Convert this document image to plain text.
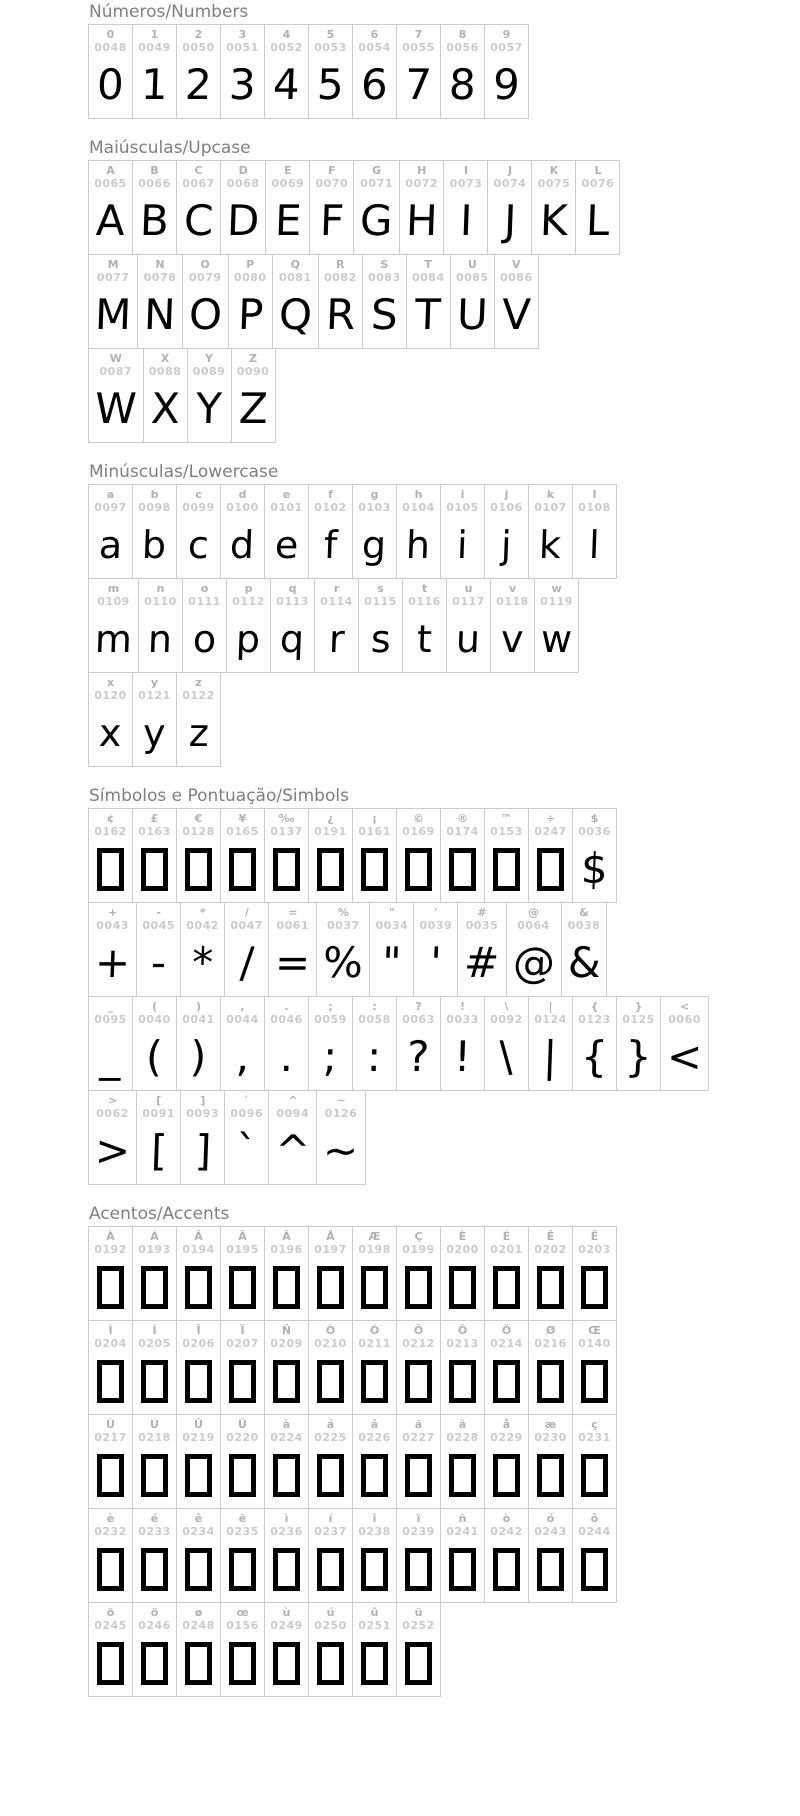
Números/Numbers
0
0048
0
1
0049
1
2
0050
2
3
0051
3
4
0052
4
5
0053
5
6
0054
6
7
0055
7
8
0056
8
9
0057
9
Maiúsculas/Upcase
A
0065
A
B
0066
B
C
0067
C
D
0068
D
E
0069
E
F
0070
F
G
0071
G
H
0072
H
I
0073
I
J
0074
J
K
0075
K
L
0076
L
M
0077
M
N
0078
N
O
0079
O
P
0080
P
Q
0081
Q
R
0082
R
S
0083
S
T
0084
T
U
0085
U
V
0086
V
W
0087
W
X
0088
X
Y
0089
Y
Z
0090
Z
Minúsculas/Lowercase
a
0097
a
b
0098
b
c
0099
c
d
0100
d
e
0101
e
f
0102
f
g
0103
g
h
0104
h
i
0105
i
j
0106
j
k
0107
k
l
0108
l
m
0109
m
n
0110
n
o
0111
o
p
0112
p
q
0113
q
r
0114
r
s
0115
s
t
0116
t
u
0117
u
v
0118
v
w
0119
w
x
0120
x
y
0121
y
z
0122
z
Símbolos e Pontuação/Simbols
¢
0162
£
0163
€
0128
¥
0165
‰
0137
¿
0191
¡
0161
©
0169
®
0174
™
0153
÷
0247
$
0036
$
+
0043
+
-
0045
-
*
0042
*
/
0047
/
=
0061
=
%
0037
%
"
0034
"
'
0039
'
#
0035
#
@
0064
@
&
0038
&
_
0095
_
(
0040
(
)
0041
)
,
0044
,
.
0046
.
;
0059
;
:
0058
:
?
0063
?
!
0033
!
\
0092
\
|
0124
|
{
0123
{
}
0125
}
<
0060
<
>
0062
>
[
0091
[
]
0093
]
`
0096
`
^
0094
^
~
0126
~
Acentos/Accents
À
0192
Á
0193
Â
0194
Ã
0195
Ä
0196
Å
0197
Æ
0198
Ç
0199
È
0200
É
0201
Ê
0202
Ë
0203
Ì
0204
Í
0205
Î
0206
Ï
0207
Ñ
0209
Ò
0210
Ó
0211
Ô
0212
Õ
0213
Ö
0214
Ø
0216
Œ
0140
Ù
0217
Ú
0218
Û
0219
Ü
0220
à
0224
á
0225
â
0226
ã
0227
ä
0228
å
0229
æ
0230
ç
0231
è
0232
é
0233
ê
0234
ë
0235
ì
0236
í
0237
î
0238
ï
0239
ñ
0241
ò
0242
ó
0243
ô
0244
õ
0245
ö
0246
ø
0248
œ
0156
ù
0249
ú
0250
û
0251
ü
0252
